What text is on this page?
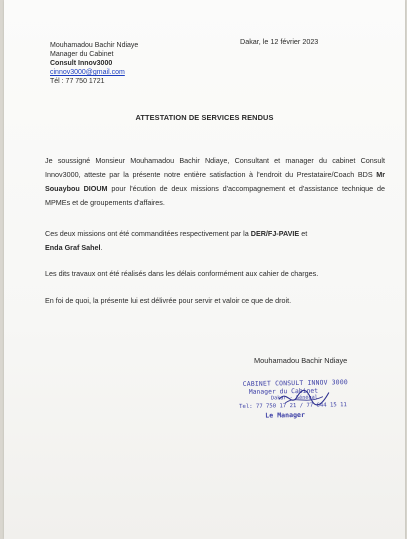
Mouhamadou Bachir Ndiaye
Manager du Cabinet
Consult Innov3000
cinnov3000@gmail.com
Tél : 77 750 1721
Dakar, le 12 février 2023
ATTESTATION DE SERVICES RENDUS
Je soussigné Monsieur Mouhamadou Bachir Ndiaye, Consultant et manager du cabinet Consult Innov3000, atteste par la présente notre entière satisfaction à l'endroit du Prestataire/Coach BDS Mr Souaybou DIOUM pour l'écution de deux missions d'accompagnement et d'assistance technique de MPMEs et de groupements d'affaires.
Ces deux missions ont été commanditées respectivement par la DER/FJ-PAVIE et
Enda Graf Sahel.
Les dits travaux ont été réalisés dans les délais conformément aux cahier de charges.
En foi de quoi, la présente lui est délivrée pour servir et valoir ce que de droit.
Mouhamadou Bachir Ndiaye
CABINET CONSULT INNOV 3000
Manager du Cabinet
Dakar - Sénégal
Tel: 77 750 17 21 / 77 644 15 11
Le Manager
